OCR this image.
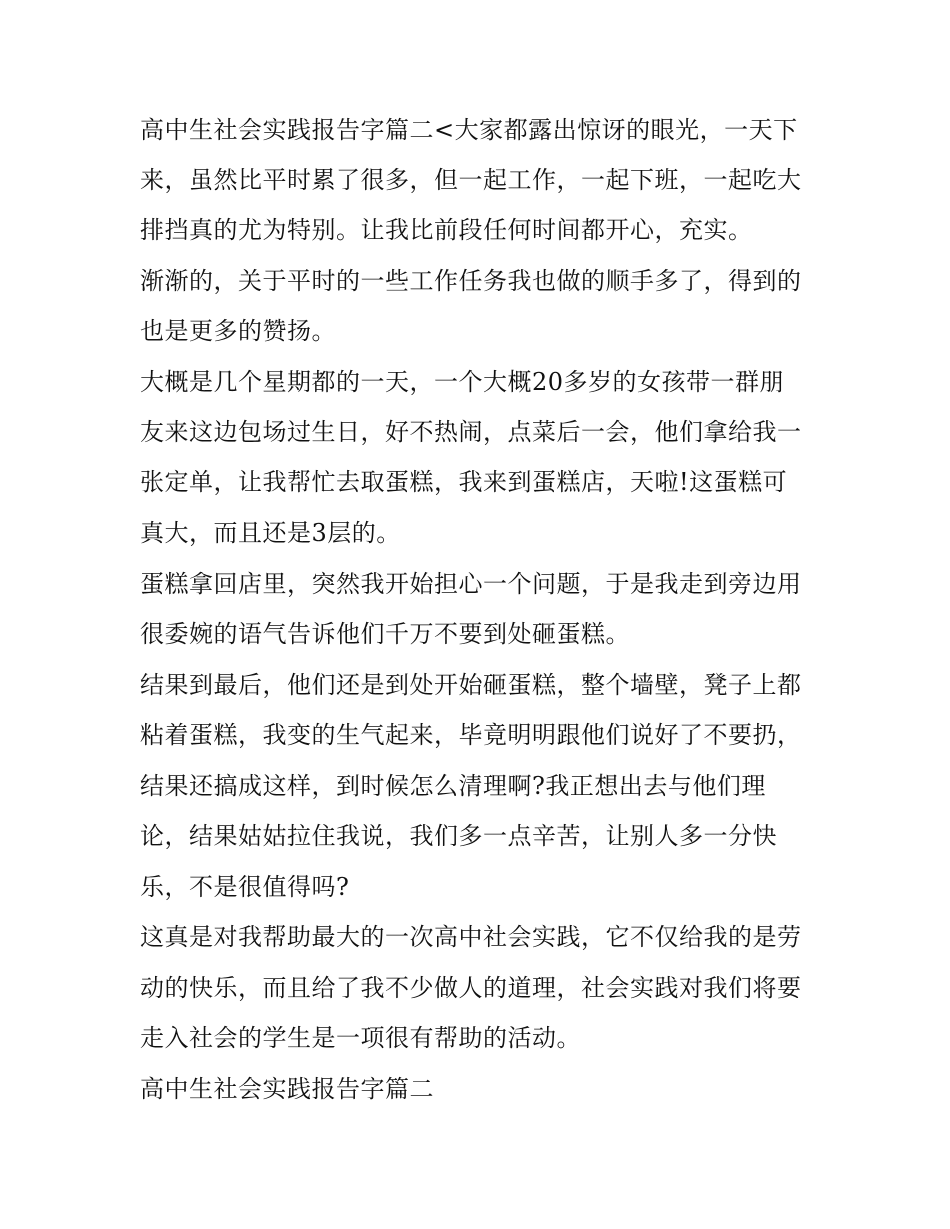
高中生社会实践报告字篇二<大家都露出惊讶的眼光，一天下

来，虽然比平时累了很多，但一起工作，一起下班，一起吃大

排挡真的尤为特别。让我比前段任何时间都开心，充实。

渐渐的，关于平时的一些工作任务我也做的顺手多了，得到的

也是更多的赞扬。

大概是几个星期都的一天，一个大概20多岁的女孩带一群朋

友来这边包场过生日，好不热闹，点菜后一会，他们拿给我一

张定单，让我帮忙去取蛋糕，我来到蛋糕店，天啦!这蛋糕可

真大，而且还是3层的。

蛋糕拿回店里，突然我开始担心一个问题，于是我走到旁边用

很委婉的语气告诉他们千万不要到处砸蛋糕。

结果到最后，他们还是到处开始砸蛋糕，整个墙壁，凳子上都

粘着蛋糕，我变的生气起来，毕竟明明跟他们说好了不要扔，

结果还搞成这样，到时候怎么清理啊?我正想出去与他们理

论，结果姑姑拉住我说，我们多一点辛苦，让别人多一分快

乐，不是很值得吗?

这真是对我帮助最大的一次高中社会实践，它不仅给我的是劳

动的快乐，而且给了我不少做人的道理，社会实践对我们将要

走入社会的学生是一项很有帮助的活动。

高中生社会实践报告字篇二
